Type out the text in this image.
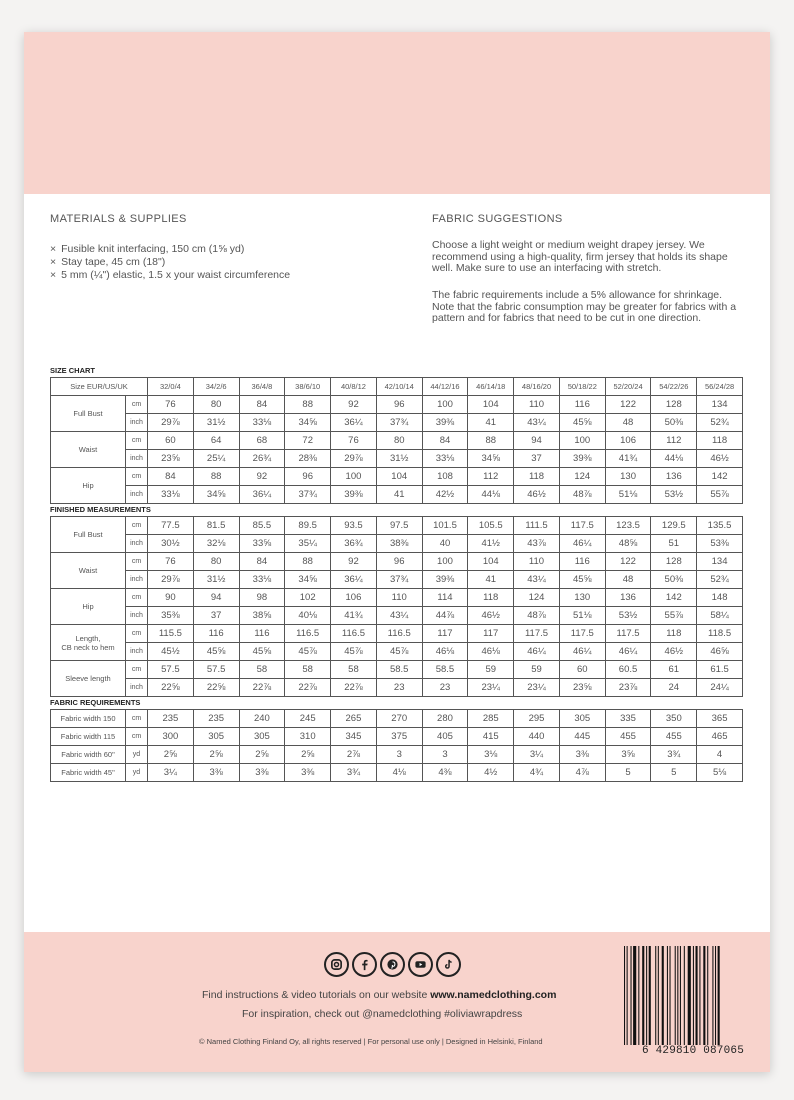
MATERIALS & SUPPLIES
× Fusible knit interfacing, 150 cm (1⅝ yd)
× Stay tape, 45 cm (18")
× 5 mm (¼") elastic, 1.5 x your waist circumference
FABRIC SUGGESTIONS

Choose a light weight or medium weight drapey jersey. We recommend using a high-quality, firm jersey that holds its shape well. Make sure to use an interfacing with stretch.

The fabric requirements include a 5% allowance for shrinkage. Note that the fabric consumption may be greater for fabrics with a pattern and for fabrics that need to be cut in one direction.

SIZE CHART
Size EUR/US/UK		32/0/4	34/2/6	36/4/8	38/6/10	40/8/12	42/10/14	44/12/16	46/14/18	48/16/20	50/18/22	52/20/24	54/22/26	56/24/28
Full Bust	cm	76	80	84	88	92	96	100	104	110	116	122	128	134
	inch	29⅞	31½	33⅛	34⅝	36¼	37¾	39⅜	41	43¼	45⅝	48	50⅜	52¾
Waist	cm	60	64	68	72	76	80	84	88	94	100	106	112	118
	inch	23⅝	25¼	26¾	28⅜	29⅞	31½	33⅛	34⅝	37	39⅜	41¾	44⅛	46½
Hip	cm	84	88	92	96	100	104	108	112	118	124	130	136	142
	inch	33⅛	34⅝	36¼	37¾	39⅜	41	42½	44⅛	46½	48⅞	51⅛	53½	55⅞
FINISHED MEASUREMENTS
Full Bust	cm	77.5	81.5	85.5	89.5	93.5	97.5	101.5	105.5	111.5	117.5	123.5	129.5	135.5
	inch	30½	32⅛	33⅝	35¼	36¾	38⅜	40	41½	43⅞	46¼	48⅝	51	53⅜
Waist	cm	76	80	84	88	92	96	100	104	110	116	122	128	134
	inch	29⅞	31½	33⅛	34⅝	36¼	37¾	39⅜	41	43¼	45⅝	48	50⅜	52¾
Hip	cm	90	94	98	102	106	110	114	118	124	130	136	142	148
	inch	35⅜	37	38⅝	40⅛	41¾	43¼	44⅞	46½	48⅞	51⅛	53½	55⅞	58¼
Length,
CB neck to hem	cm	115.5	116	116	116.5	116.5	116.5	117	117	117.5	117.5	117.5	118	118.5
	inch	45½	45⅝	45⅝	45⅞	45⅞	45⅞	46⅛	46⅛	46¼	46¼	46¼	46½	46⅝
Sleeve length	cm	57.5	57.5	58	58	58	58.5	58.5	59	59	60	60.5	61	61.5
	inch	22⅝	22⅝	22⅞	22⅞	22⅞	23	23	23¼	23¼	23⅝	23⅞	24	24¼
FABRIC REQUIREMENTS
Fabric width 150	cm	235	235	240	245	265	270	280	285	295	305	335	350	365
Fabric width 115	cm	300	305	305	310	345	375	405	415	440	445	455	455	465
Fabric width 60"	yd	2⅝	2⅝	2⅝	2⅝	2⅞	3	3	3⅛	3¼	3⅜	3⅝	3¾	4
Fabric width 45"	yd	3¼	3⅜	3⅜	3⅜	3¾	4⅛	4⅜	4½	4¾	4⅞	5	5	5⅛
Find instructions & video tutorials on our website www.namedclothing.com
For inspiration, check out @namedclothing #oliviawrapdress
© Named Clothing Finland Oy, all rights reserved | For personal use only | Designed in Helsinki, Finland
6 429810 087065
